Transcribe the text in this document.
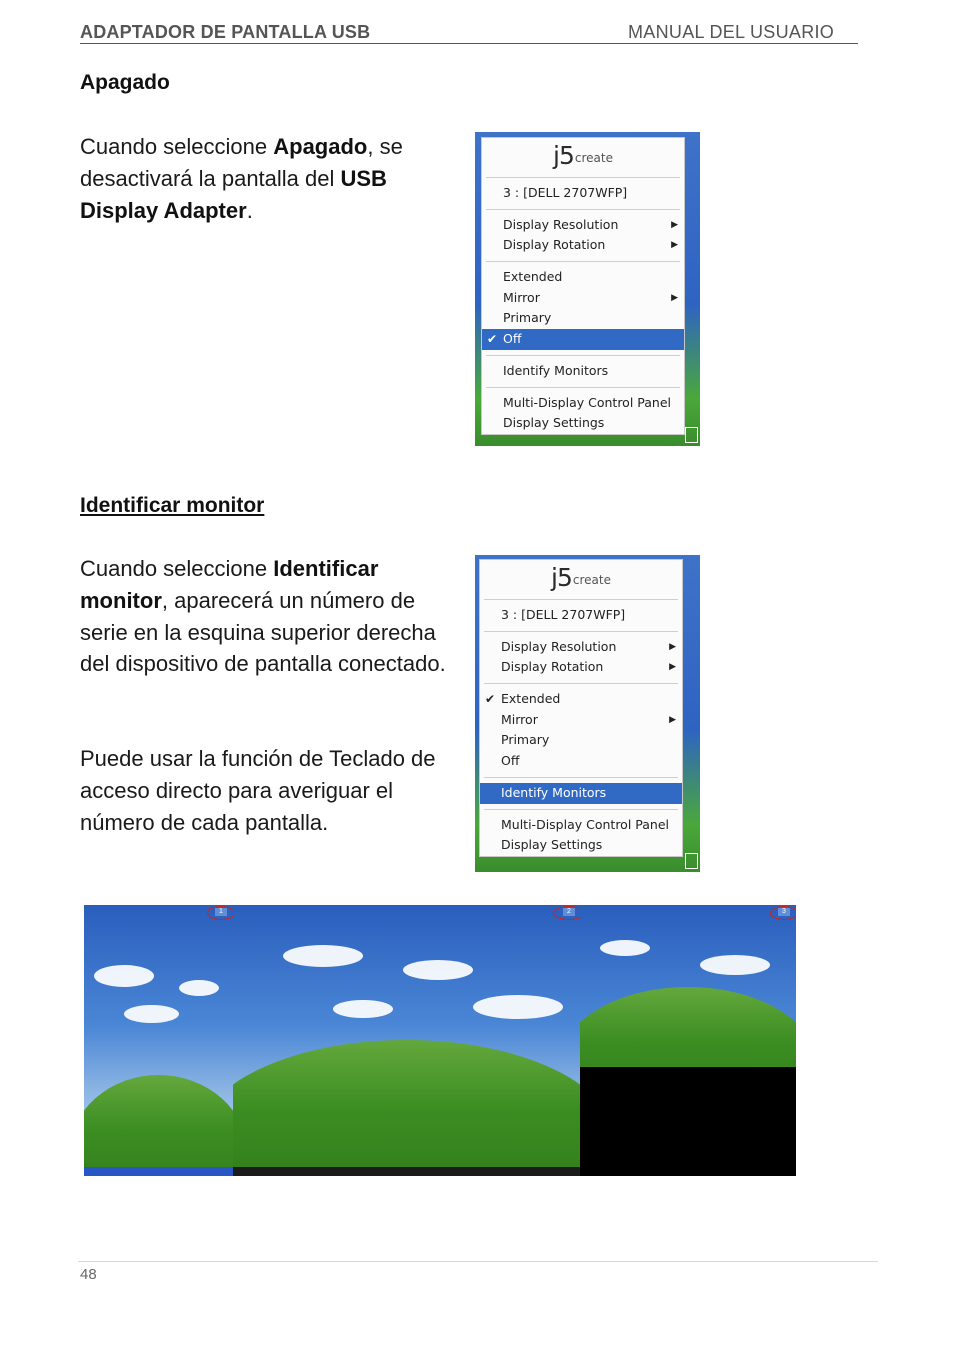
ADAPTADOR DE PANTALLA USB	MANUAL DEL USUARIO
Apagado
Cuando seleccione Apagado, se desactivará la pantalla del USB Display Adapter.
j5 create
3 : [DELL 2707WFP]
Display Resolution	▶
Display Rotation	▶
Extended
Mirror	▶
Primary
✔ Off
Identify Monitors
Multi-Display Control Panel
Display Settings
Identificar monitor
Cuando seleccione Identificar monitor, aparecerá un número de serie en la esquina superior derecha del dispositivo de pantalla conectado.
Puede usar la función de Teclado de acceso directo para averiguar el número de cada pantalla.
j5 create
3 : [DELL 2707WFP]
Display Resolution	▶
Display Rotation	▶
✔ Extended
Mirror	▶
Primary
Off
Identify Monitors
Multi-Display Control Panel
Display Settings
1	2	3
48
